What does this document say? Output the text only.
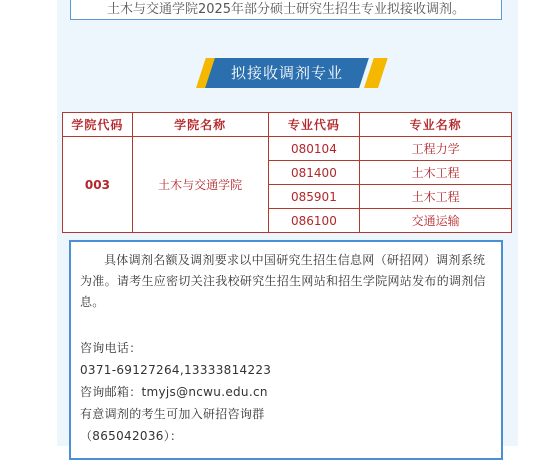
土木与交通学院2025年部分硕士研究生招生专业拟接收调剂。
拟接收调剂专业
学院代码	学院名称	专业代码	专业名称
003	土木与交通学院	080104	工程力学
		081400	土木工程
		085901	土木工程
		086100	交通运输
具体调剂名额及调剂要求以中国研究生招生信息网（研招网）调剂系统为准。请考生应密切关注我校研究生招生网站和招生学院网站发布的调剂信息。
咨询电话：
0371-69127264,13333814223
咨询邮箱：tmyjs@ncwu.edu.cn
有意调剂的考生可加入研招咨询群
（865042036）：
